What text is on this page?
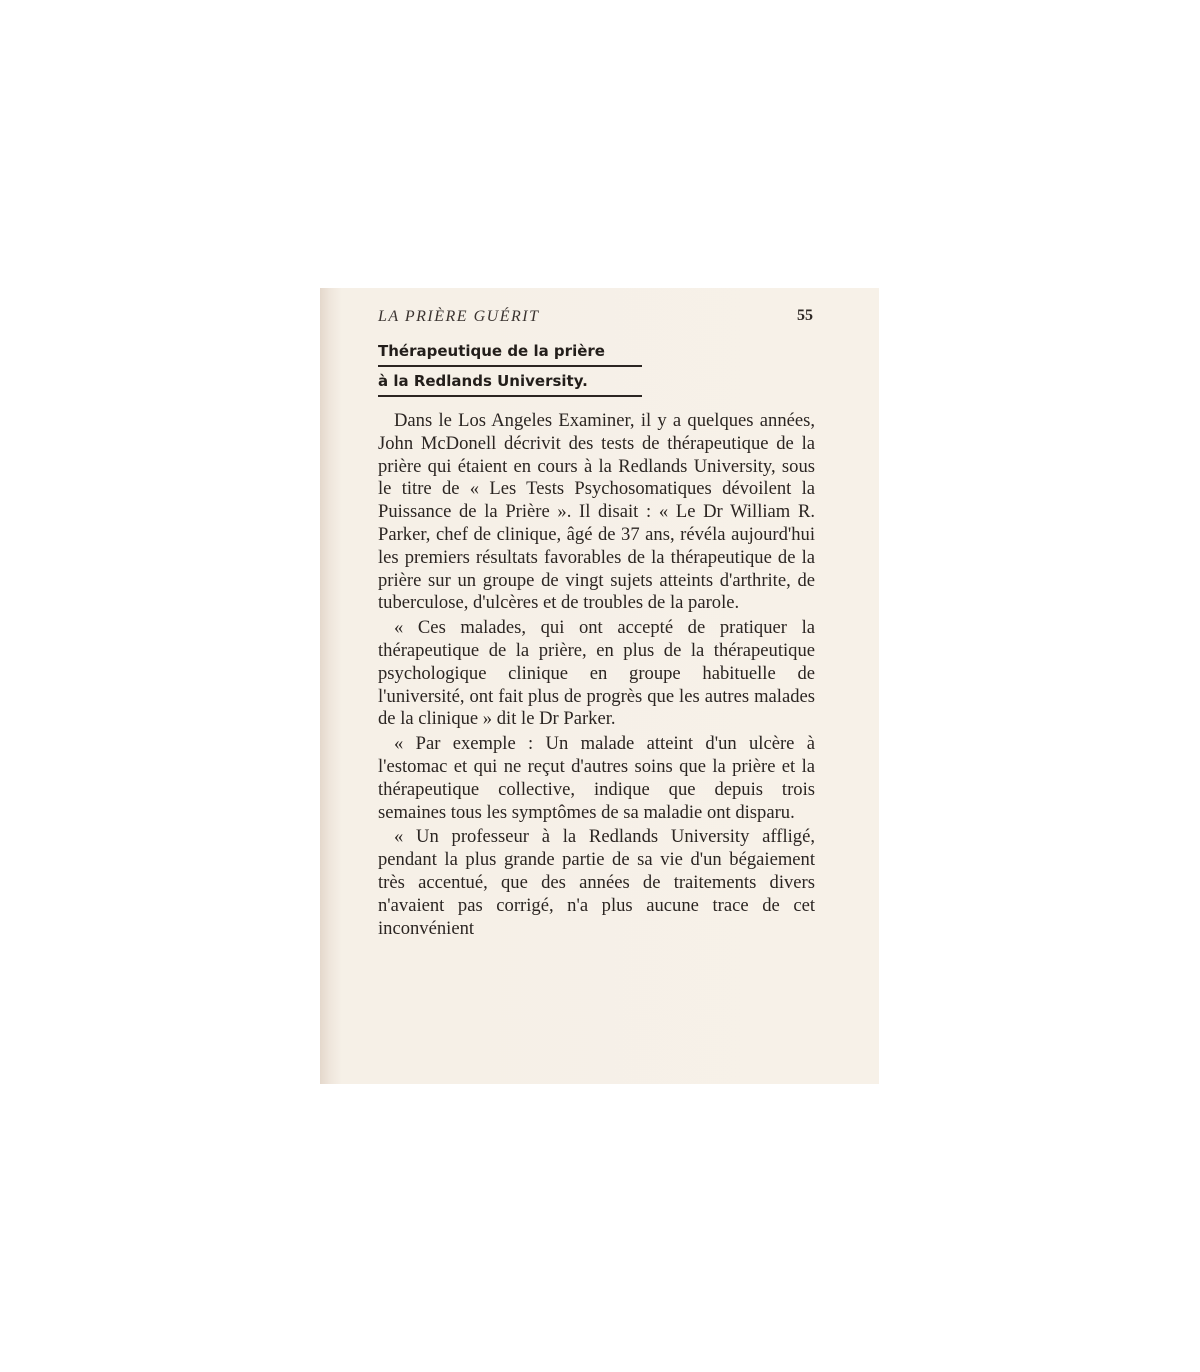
LA PRIÈRE GUÉRIT	55
Thérapeutique de la prière
à la Redlands University.

Dans le Los Angeles Examiner, il y a quelques années, John McDonell décrivit des tests de thérapeutique de la prière qui étaient en cours à la Redlands University, sous le titre de « Les Tests Psychosomatiques dévoilent la Puissance de la Prière ». Il disait : « Le Dr William R. Parker, chef de clinique, âgé de 37 ans, révéla aujourd'hui les premiers résultats favorables de la thérapeutique de la prière sur un groupe de vingt sujets atteints d'arthrite, de tuberculose, d'ulcères et de troubles de la parole.

« Ces malades, qui ont accepté de pratiquer la thérapeutique de la prière, en plus de la thérapeutique psychologique clinique en groupe habituelle de l'université, ont fait plus de progrès que les autres malades de la clinique » dit le Dr Parker.

« Par exemple : Un malade atteint d'un ulcère à l'estomac et qui ne reçut d'autres soins que la prière et la thérapeutique collective, indique que depuis trois semaines tous les symptômes de sa maladie ont disparu.

« Un professeur à la Redlands University affligé, pendant la plus grande partie de sa vie d'un bégaiement très accentué, que des années de traitements divers n'avaient pas corrigé, n'a plus aucune trace de cet inconvénient
